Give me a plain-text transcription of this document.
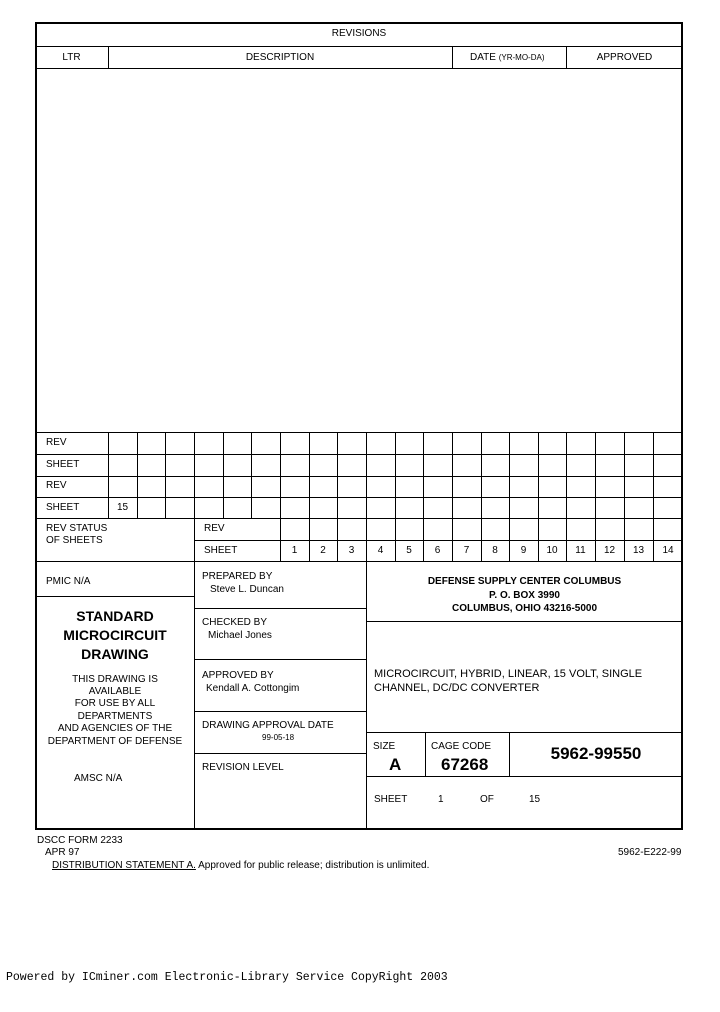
REVISIONS
LTR	DESCRIPTION	DATE (YR-MO-DA)	APPROVED
REV
SHEET
REV
SHEET	15
REV STATUS
OF SHEETS
REV
SHEET	1	2	3	4	5	6	7	8	9	10	11	12	13	14
PMIC N/A
STANDARD
MICROCIRCUIT
DRAWING
THIS DRAWING IS
AVAILABLE
FOR USE BY ALL
DEPARTMENTS
AND AGENCIES OF THE
DEPARTMENT OF DEFENSE
AMSC N/A
PREPARED BY
Steve L. Duncan
CHECKED BY
Michael Jones
APPROVED BY
Kendall A. Cottongim
DRAWING APPROVAL DATE
99-05-18
REVISION LEVEL
DEFENSE SUPPLY CENTER COLUMBUS
P. O. BOX 3990
COLUMBUS, OHIO 43216-5000
MICROCIRCUIT, HYBRID, LINEAR, 15 VOLT, SINGLE
CHANNEL, DC/DC CONVERTER
SIZE
A
CAGE CODE
67268
5962-99550
SHEET	1	OF	15
DSCC FORM 2233
APR 97
DISTRIBUTION STATEMENT A. Approved for public release; distribution is unlimited.
5962-E222-99
Powered by ICminer.com Electronic-Library Service CopyRight 2003
